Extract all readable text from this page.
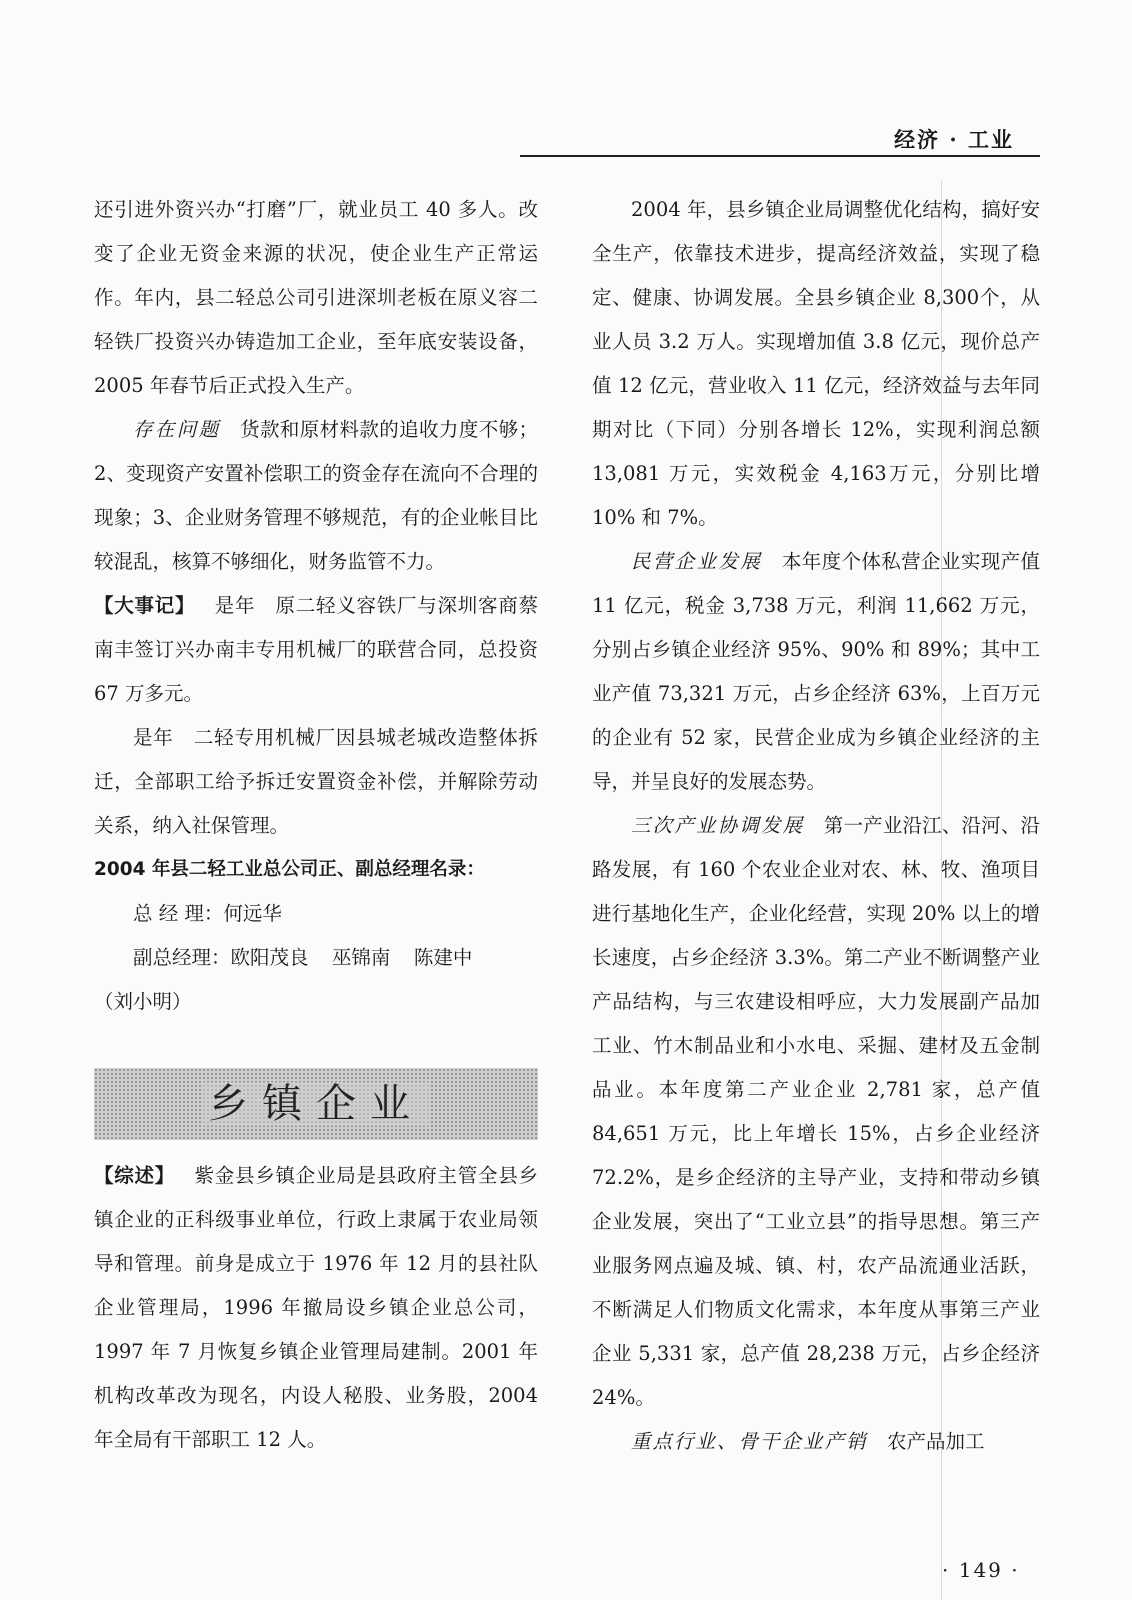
经济 · 工业

还引进外资兴办“打磨”厂，就业员工 40 多人。改变了企业无资金来源的状况，使企业生产正常运作。年内，县二轻总公司引进深圳老板在原义容二轻铁厂投资兴办铸造加工企业，至年底安装设备，2005 年春节后正式投入生产。

存在问题 货款和原材料款的追收力度不够；2、变现资产安置补偿职工的资金存在流向不合理的现象；3、企业财务管理不够规范，有的企业帐目比较混乱，核算不够细化，财务监管不力。

【大事记】 是年　原二轻义容铁厂与深圳客商蔡南丰签订兴办南丰专用机械厂的联营合同，总投资 67 万多元。

是年　二轻专用机械厂因县城老城改造整体拆迁，全部职工给予拆迁安置资金补偿，并解除劳动关系，纳入社保管理。

2004 年县二轻工业总公司正、副总经理名录：

总 经 理：何远华

副总经理：欧阳茂良 巫锦南 陈建中

（刘小明）

乡镇企业

【综述】 紫金县乡镇企业局是县政府主管全县乡镇企业的正科级事业单位，行政上隶属于农业局领导和管理。前身是成立于 1976 年 12 月的县社队企业管理局，1996 年撤局设乡镇企业总公司，1997 年 7 月恢复乡镇企业管理局建制。2001 年机构改革改为现名，内设人秘股、业务股，2004 年全局有干部职工 12 人。

2004 年，县乡镇企业局调整优化结构，搞好安全生产，依靠技术进步，提高经济效益，实现了稳定、健康、协调发展。全县乡镇企业 8,300个，从业人员 3.2 万人。实现增加值 3.8 亿元，现价总产值 12 亿元，营业收入 11 亿元，经济效益与去年同期对比（下同）分别各增长 12%，实现利润总额 13,081 万元，实效税金 4,163万元，分别比增 10% 和 7%。

民营企业发展 本年度个体私营企业实现产值 11 亿元，税金 3,738 万元，利润 11,662 万元，分别占乡镇企业经济 95%、90% 和 89%；其中工业产值 73,321 万元，占乡企经济 63%，上百万元的企业有 52 家，民营企业成为乡镇企业经济的主导，并呈良好的发展态势。

三次产业协调发展 第一产业沿江、沿河、沿路发展，有 160 个农业企业对农、林、牧、渔项目进行基地化生产，企业化经营，实现 20% 以上的增长速度，占乡企经济 3.3%。第二产业不断调整产业产品结构，与三农建设相呼应，大力发展副产品加工业、竹木制品业和小水电、采掘、建材及五金制品业。本年度第二产业企业 2,781 家，总产值 84,651 万元，比上年增长 15%，占乡企业经济 72.2%，是乡企经济的主导产业，支持和带动乡镇企业发展，突出了“工业立县”的指导思想。第三产业服务网点遍及城、镇、村，农产品流通业活跃，不断满足人们物质文化需求，本年度从事第三产业企业 5,331 家，总产值 28,238 万元，占乡企经济 24%。

重点行业、骨干企业产销 农产品加工

· 149 ·
